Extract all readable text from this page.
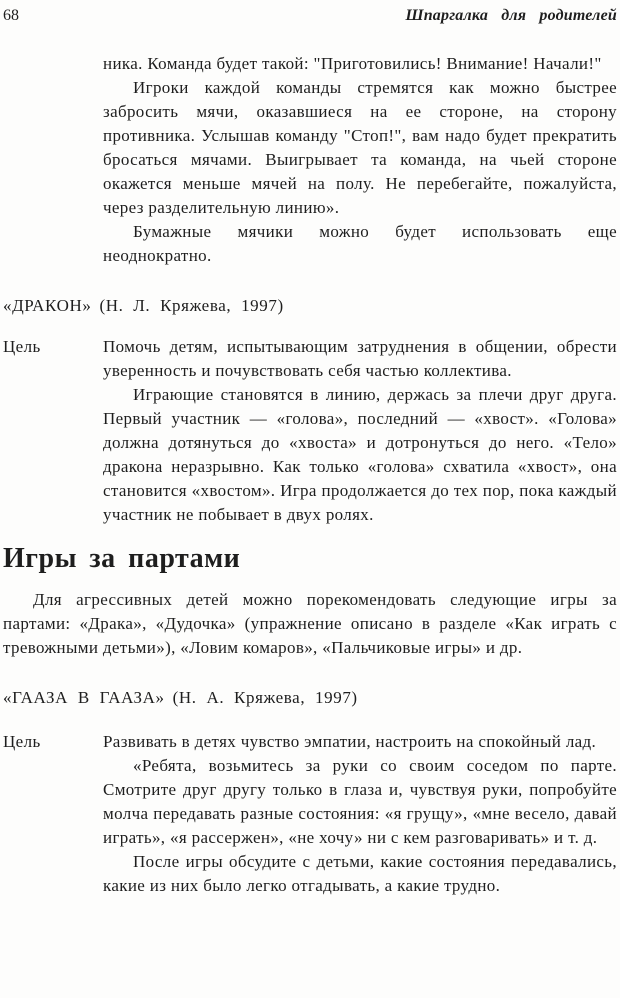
68	Шпаргалка для родителей

ника. Команда будет такой: "Приготовились! Внимание! Начали!"

Игроки каждой команды стремятся как можно быстрее забросить мячи, оказавшиеся на ее стороне, на сторону противника. Услышав команду "Стоп!", вам надо будет прекратить бросаться мячами. Выигрывает та команда, на чьей стороне окажется меньше мячей на полу. Не перебегайте, пожалуйста, через разделительную линию».

Бумажные мячики можно будет использовать еще неоднократно.

«ДРАКОН» (Н. Л. Кряжева, 1997)

Цель	Помочь детям, испытывающим затруднения в общении, обрести уверенность и почувствовать себя частью коллектива.

Играющие становятся в линию, держась за плечи друг друга. Первый участник — «голова», последний — «хвост». «Голова» должна дотянуться до «хвоста» и дотронуться до него. «Тело» дракона неразрывно. Как только «голова» схватила «хвост», она становится «хвостом». Игра продолжается до тех пор, пока каждый участник не побывает в двух ролях.

Игры за партами

Для агрессивных детей можно порекомендовать следующие игры за партами: «Драка», «Дудочка» (упражнение описано в разделе «Как играть с тревожными детьми»), «Ловим комаров», «Пальчиковые игры» и др.

«ГААЗА В ГААЗА» (Н. А. Кряжева, 1997)

Цель	Развивать в детях чувство эмпатии, настроить на спокойный лад.

«Ребята, возьмитесь за руки со своим соседом по парте. Смотрите друг другу только в глаза и, чувствуя руки, попробуйте молча передавать разные состояния: «я грущу», «мне весело, давай играть», «я рассержен», «не хочу» ни с кем разговаривать» и т. д.

После игры обсудите с детьми, какие состояния передавались, какие из них было легко отгадывать, а какие трудно.
